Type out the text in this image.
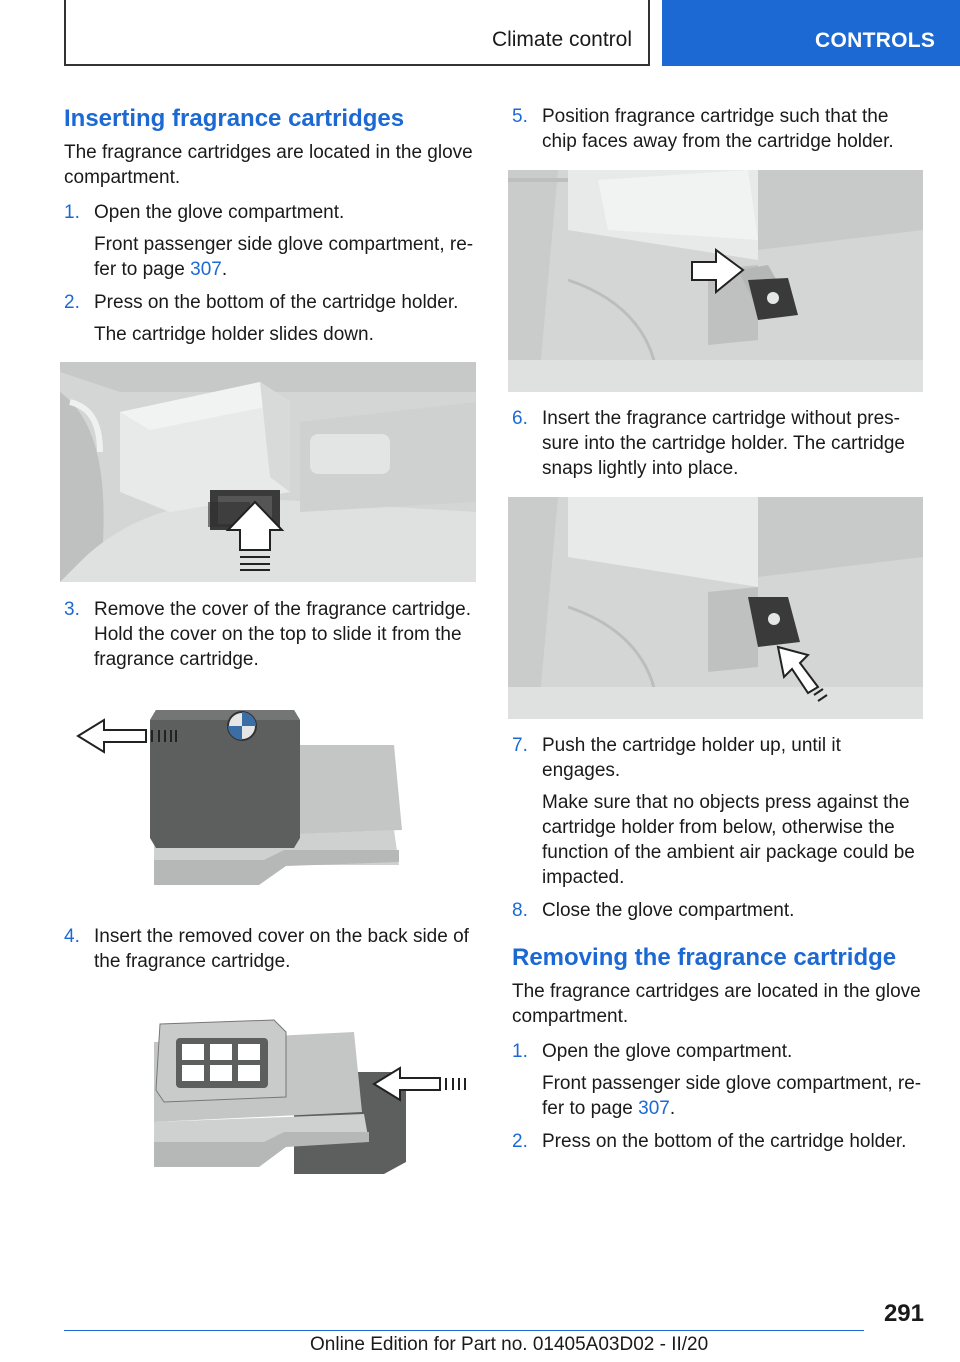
Climate control	CONTROLS
Inserting fragrance cartridges

The fragrance cartridges are located in the glove compartment.

1. Open the glove compartment.

Front passenger side glove compartment, re-fer to page 307.

2. Press on the bottom of the cartridge holder.

The cartridge holder slides down.

3. Remove the cover of the fragrance cartridge. Hold the cover on the top to slide it from the fragrance cartridge.
4. Insert the removed cover on the back side of the fragrance cartridge.
5. Position fragrance cartridge such that the chip faces away from the cartridge holder.
6. Insert the fragrance cartridge without pres-sure into the cartridge holder. The cartridge snaps lightly into place.
7. Push the cartridge holder up, until it engages.

Make sure that no objects press against the cartridge holder from below, otherwise the function of the ambient air package could be impacted.

8. Close the glove compartment.
Removing the fragrance cartridge

The fragrance cartridges are located in the glove compartment.

1. Open the glove compartment.

Front passenger side glove compartment, re-fer to page 307.

2. Press on the bottom of the cartridge holder.
291
Online Edition for Part no. 01405A03D02 - II/20
